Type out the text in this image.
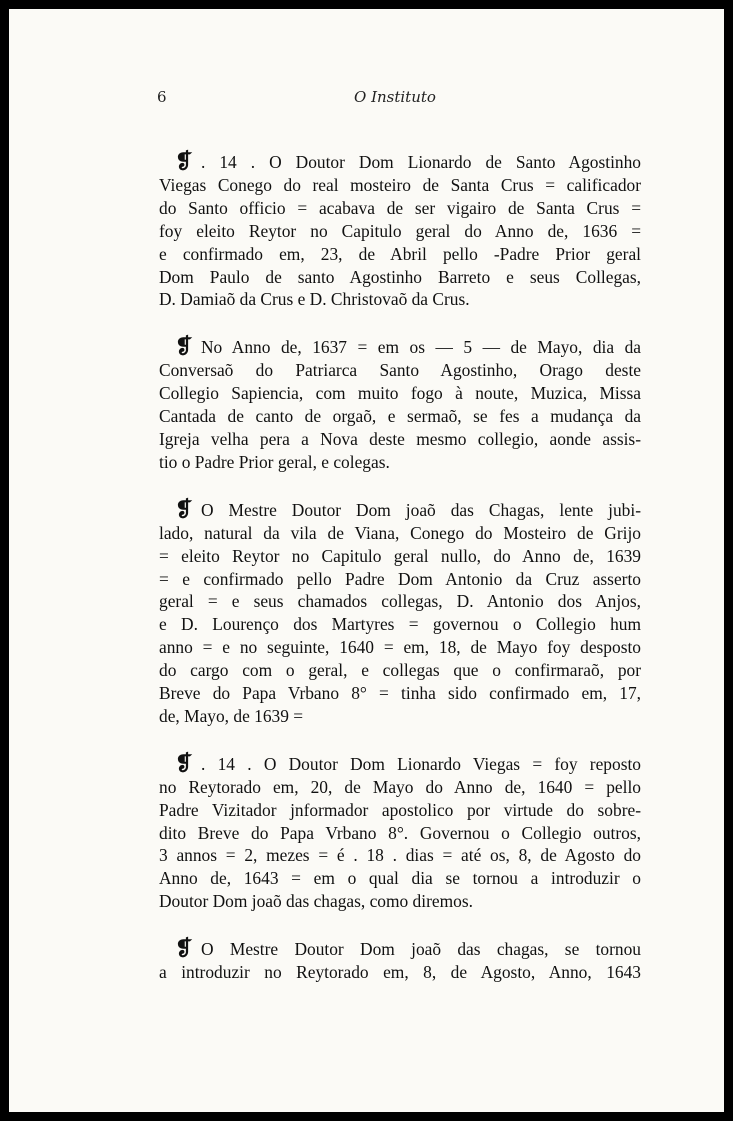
6	O Instituto

❡ . 14 . O Doutor Dom Lionardo de Santo Agostinho
Viegas Conego do real mosteiro de Santa Crus = calificador
do Santo officio = acabava de ser vigairo de Santa Crus =
foy eleito Reytor no Capitulo geral do Anno de, 1636 =
e confirmado em, 23, de Abril pello -Padre Prior geral
Dom Paulo de santo Agostinho Barreto e seus Collegas,
D. Damiaõ da Crus e D. Christovaõ da Crus.

❡ No Anno de, 1637 = em os — 5 — de Mayo, dia da
Conversaõ do Patriarca Santo Agostinho, Orago deste
Collegio Sapiencia, com muito fogo à noute, Muzica, Missa
Cantada de canto de orgaõ, e sermaõ, se fes a mudança da
Igreja velha pera a Nova deste mesmo collegio, aonde assis-
tio o Padre Prior geral, e colegas.

❡ O Mestre Doutor Dom joaõ das Chagas, lente jubi-
lado, natural da vila de Viana, Conego do Mosteiro de Grijo
= eleito Reytor no Capitulo geral nullo, do Anno de, 1639
= e confirmado pello Padre Dom Antonio da Cruz asserto
geral = e seus chamados collegas, D. Antonio dos Anjos,
e D. Lourenço dos Martyres = governou o Collegio hum
anno = e no seguinte, 1640 = em, 18, de Mayo foy desposto
do cargo com o geral, e collegas que o confirmaraõ, por
Breve do Papa Vrbano 8° = tinha sido confirmado em, 17,
de, Mayo, de 1639 =

❡ . 14 . O Doutor Dom Lionardo Viegas = foy reposto
no Reytorado em, 20, de Mayo do Anno de, 1640 = pello
Padre Vizitador jnformador apostolico por virtude do sobre-
dito Breve do Papa Vrbano 8°. Governou o Collegio outros,
3 annos = 2, mezes = é . 18 . dias = até os, 8, de Agosto do
Anno de, 1643 = em o qual dia se tornou a introduzir o
Doutor Dom joaõ das chagas, como diremos.

❡ O Mestre Doutor Dom joaõ das chagas, se tornou
a introduzir no Reytorado em, 8, de Agosto, Anno, 1643
